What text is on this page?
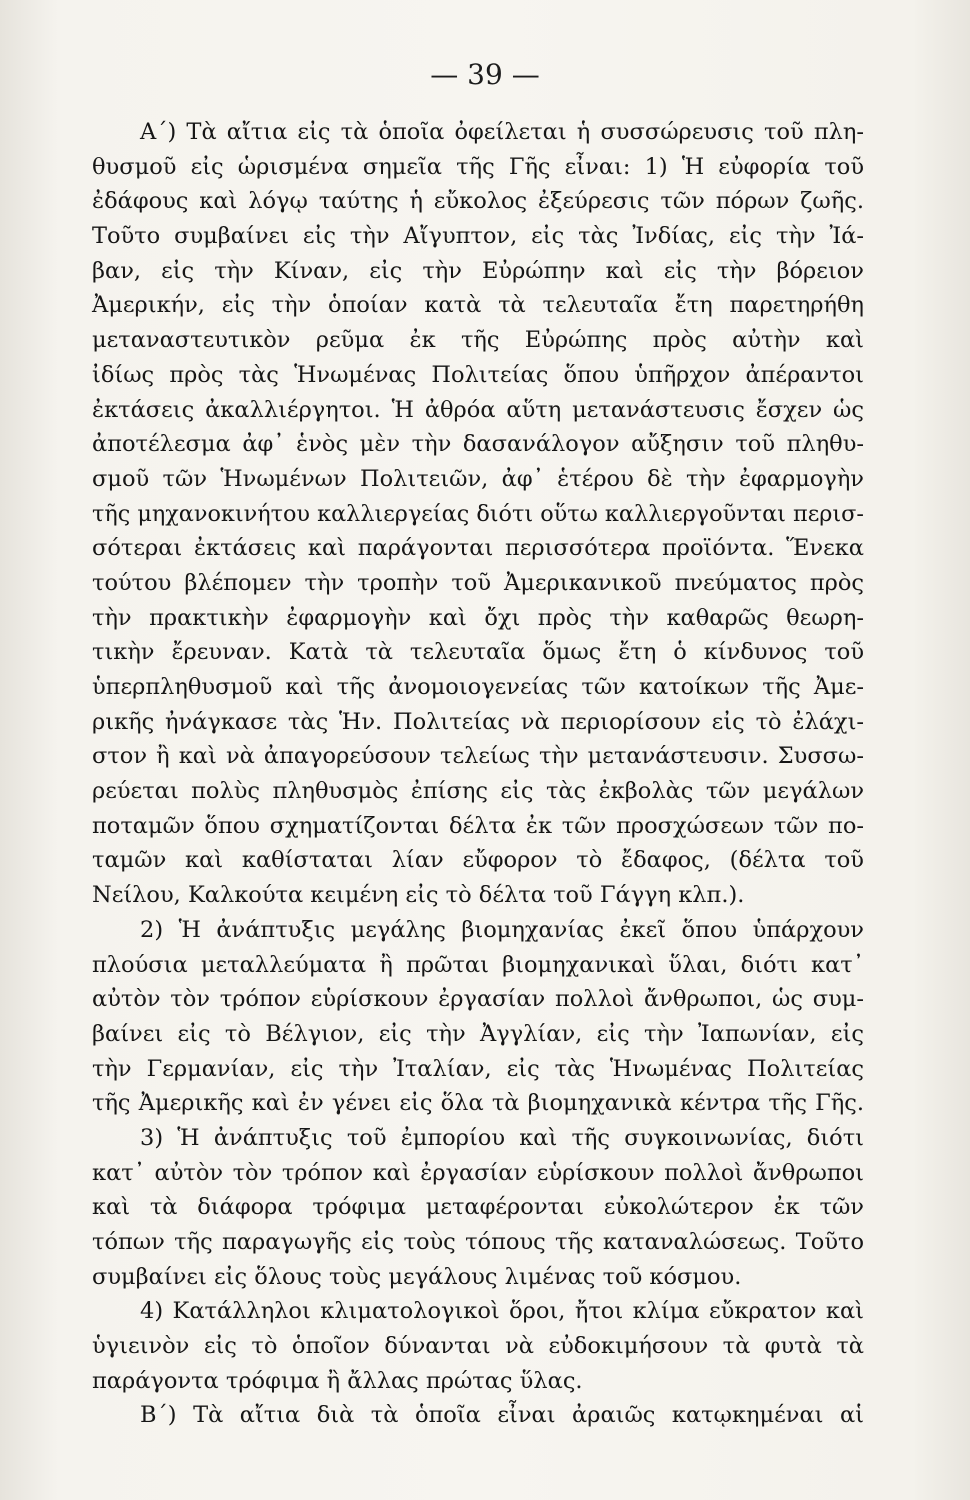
— 39 —
Α΄) Τὰ αἴτια εἰς τὰ ὁποῖα ὀφείλεται ἡ συσσώρευσις τοῦ πλη-
θυσμοῦ εἰς ὡρισμένα σημεῖα τῆς Γῆς εἶναι: 1) Ἡ εὐφορία τοῦ
ἐδάφους καὶ λόγῳ ταύτης ἡ εὔκολος ἐξεύρεσις τῶν πόρων ζωῆς.
Τοῦτο συμβαίνει εἰς τὴν Αἴγυπτον, εἰς τὰς Ἰνδίας, εἰς τὴν Ἰά-
βαν, εἰς τὴν Κίναν, εἰς τὴν Εὐρώπην καὶ εἰς τὴν βόρειον
Ἀμερικήν, εἰς τὴν ὁποίαν κατὰ τὰ τελευταῖα ἔτη παρετηρήθη
μεταναστευτικὸν ρεῦμα ἐκ τῆς Εὐρώπης πρὸς αὐτὴν καὶ
ἰδίως πρὸς τὰς Ἡνωμένας Πολιτείας ὅπου ὑπῆρχον ἀπέραντοι
ἐκτάσεις ἀκαλλιέργητοι. Ἡ ἀθρόα αὕτη μετανάστευσις ἔσχεν ὡς
ἀποτέλεσμα ἀφ᾽ ἑνὸς μὲν τὴν δασανάλογον αὔξησιν τοῦ πληθυ-
σμοῦ τῶν Ἡνωμένων Πολιτειῶν, ἀφ᾽ ἑτέρου δὲ τὴν ἐφαρμογὴν
τῆς μηχανοκινήτου καλλιεργείας διότι οὕτω καλλιεργοῦνται περισ-
σότεραι ἐκτάσεις καὶ παράγονται περισσότερα προϊόντα. Ἕνεκα
τούτου βλέπομεν τὴν τροπὴν τοῦ Ἀμερικανικοῦ πνεύματος πρὸς
τὴν πρακτικὴν ἐφαρμογὴν καὶ ὄχι πρὸς τὴν καθαρῶς θεωρη-
τικὴν ἔρευναν. Κατὰ τὰ τελευταῖα ὅμως ἔτη ὁ κίνδυνος τοῦ
ὑπερπληθυσμοῦ καὶ τῆς ἀνομοιογενείας τῶν κατοίκων τῆς Ἀμε-
ρικῆς ἠνάγκασε τὰς Ἡν. Πολιτείας νὰ περιορίσουν εἰς τὸ ἐλάχι-
στον ἢ καὶ νὰ ἀπαγορεύσουν τελείως τὴν μετανάστευσιν. Συσσω-
ρεύεται πολὺς πληθυσμὸς ἐπίσης εἰς τὰς ἐκβολὰς τῶν μεγάλων
ποταμῶν ὅπου σχηματίζονται δέλτα ἐκ τῶν προσχώσεων τῶν πο-
ταμῶν καὶ καθίσταται λίαν εὔφορον τὸ ἔδαφος, (δέλτα τοῦ
Νείλου, Καλκούτα κειμένη εἰς τὸ δέλτα τοῦ Γάγγη κλπ.).
2) Ἡ ἀνάπτυξις μεγάλης βιομηχανίας ἐκεῖ ὅπου ὑπάρχουν
πλούσια μεταλλεύματα ἢ πρῶται βιομηχανικαὶ ὕλαι, διότι κατ᾽
αὐτὸν τὸν τρόπον εὑρίσκουν ἐργασίαν πολλοὶ ἄνθρωποι, ὡς συμ-
βαίνει εἰς τὸ Βέλγιον, εἰς τὴν Ἀγγλίαν, εἰς τὴν Ἰαπωνίαν, εἰς
τὴν Γερμανίαν, εἰς τὴν Ἰταλίαν, εἰς τὰς Ἡνωμένας Πολιτείας
τῆς Ἀμερικῆς καὶ ἐν γένει εἰς ὅλα τὰ βιομηχανικὰ κέντρα τῆς Γῆς.
3) Ἡ ἀνάπτυξις τοῦ ἐμπορίου καὶ τῆς συγκοινωνίας, διότι
κατ᾽ αὐτὸν τὸν τρόπον καὶ ἐργασίαν εὑρίσκουν πολλοὶ ἄνθρωποι
καὶ τὰ διάφορα τρόφιμα μεταφέρονται εὐκολώτερον ἐκ τῶν
τόπων τῆς παραγωγῆς εἰς τοὺς τόπους τῆς καταναλώσεως. Τοῦτο
συμβαίνει εἰς ὅλους τοὺς μεγάλους λιμένας τοῦ κόσμου.
4) Κατάλληλοι κλιματολογικοὶ ὅροι, ἤτοι κλίμα εὔκρατον καὶ
ὑγιεινὸν εἰς τὸ ὁποῖον δύνανται νὰ εὐδοκιμήσουν τὰ φυτὰ τὰ
παράγοντα τρόφιμα ἢ ἄλλας πρώτας ὕλας.
Β΄) Τὰ αἴτια διὰ τὰ ὁποῖα εἶναι ἀραιῶς κατῳκημέναι αἱ
